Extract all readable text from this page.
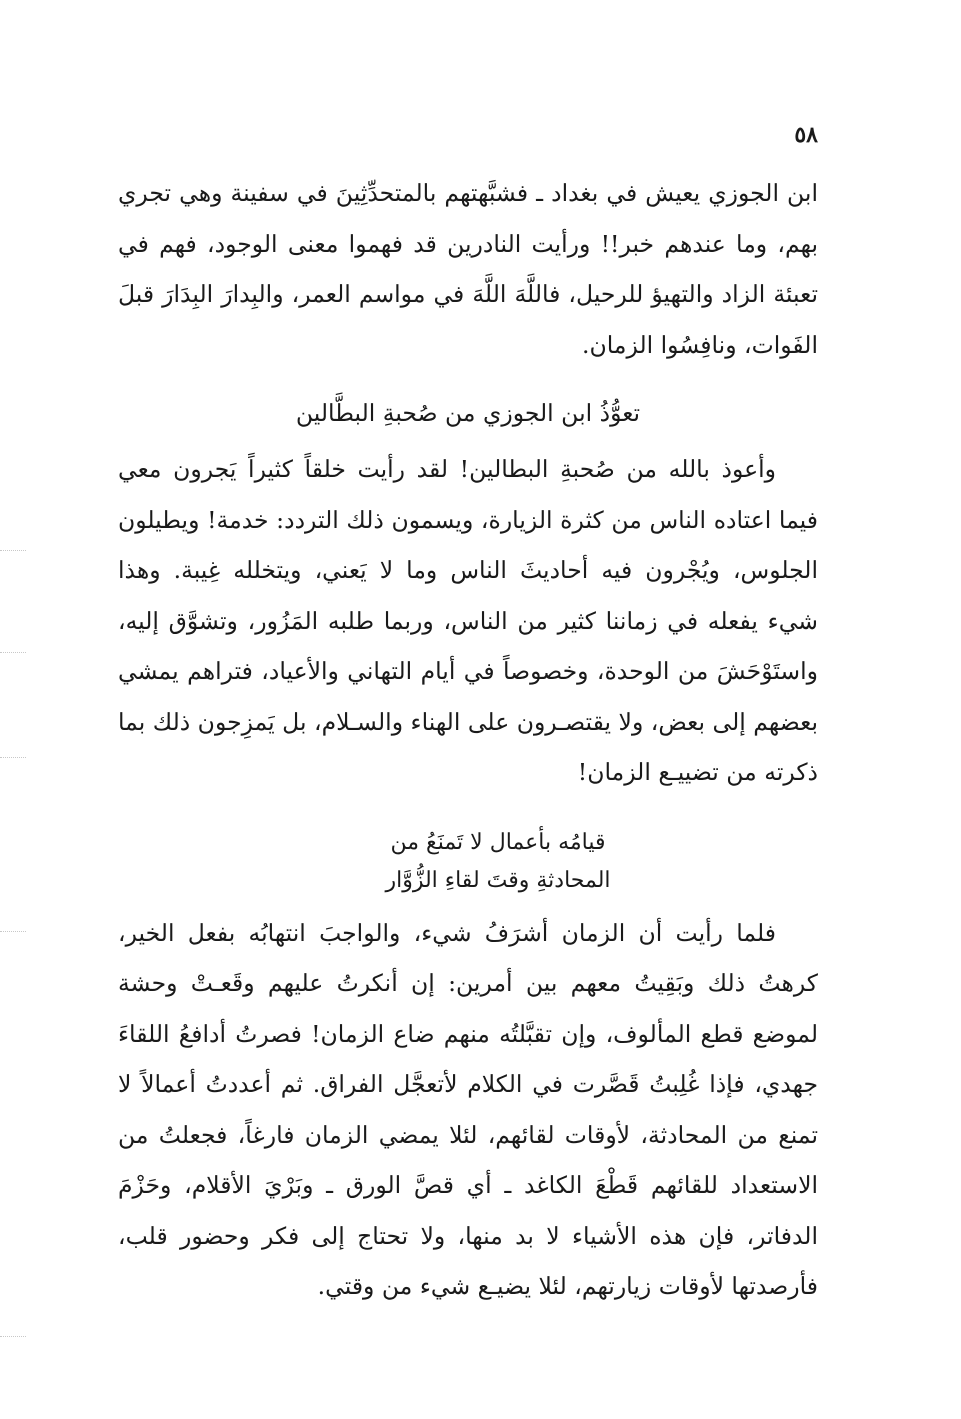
٥٨

ابن الجوزي يعيش في بغداد ـ فشبَّهتهم بالمتحدِّثِينَ في سفينة وهي تجري بهم، وما عندهم خبر!! ورأيت النادرين قد فهموا معنى الوجود، فهم في تعبئة الزاد والتهيؤ للرحيل، فاللَّهَ اللَّهَ في مواسم العمر، والبِدارَ البِدَارَ قبلَ الفَوات، ونافِسُوا الزمان.

تعوُّذُ ابن الجوزي من صُحبةِ البطَّالين

وأعوذ بالله من صُحبةِ البطالين! لقد رأيت خلقاً كثيراً يَجرون معي فيما اعتاده الناس من كثرة الزيارة، ويسمون ذلك التردد: خدمة! ويطيلون الجلوس، ويُجْرون فيه أحاديثَ الناس وما لا يَعني، ويتخلله غِيبة. وهذا شيء يفعله في زماننا كثير من الناس، وربما طلبه المَزُور، وتشوَّق إليه، واستَوْحَشَ من الوحدة، وخصوصاً في أيام التهاني والأعياد، فتراهم يمشي بعضهم إلى بعض، ولا يقتصـرون على الهناء والسـلام، بل يَمزِجون ذلك بما ذكرته من تضييـع الزمان!

قيامُه بأعمال لا تَمنَعُ من
المحادثةِ وقتَ لقاءِ الزُّوَّار

فلما رأيت أن الزمان أشرَفُ شيء، والواجبَ انتهابُه بفعل الخير، كرهتُ ذلك وبَقِيتُ معهم بين أمرين: إن أنكرتُ عليهم وقَعـتْ وحشة لموضع قطع المألوف، وإن تقبَّلتُه منهم ضاع الزمان! فصرتُ أدافعُ اللقاءَ جهدي، فإذا غُلِبتُ قَصَّرت في الكلام لأتعجَّل الفراق. ثم أعددتُ أعمالاً لا تمنع من المحادثة، لأوقات لقائهم، لئلا يمضي الزمان فارغاً، فجعلتُ من الاستعداد للقائهم قَطْعَ الكاغد ـ أي قصَّ الورق ـ وبَرْيَ الأقلام، وحَزْمَ الدفاتر، فإن هذه الأشياء لا بد منها، ولا تحتاج إلى فكر وحضور قلب، فأرصدتها لأوقات زيارتهم، لئلا يضيـع شيء من وقتي.
